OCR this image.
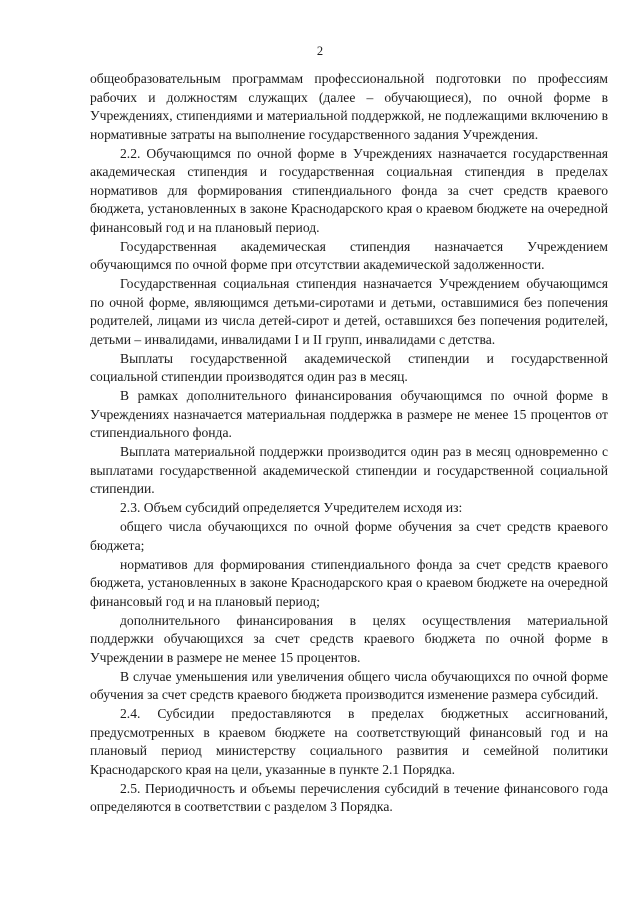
2

общеобразовательным программам профессиональной подготовки по профессиям рабочих и должностям служащих (далее – обучающиеся), по очной форме в Учреждениях, стипендиями и материальной поддержкой, не подлежащими включению в нормативные затраты на выполнение государственного задания Учреждения.

2.2. Обучающимся по очной форме в Учреждениях назначается государственная академическая стипендия и государственная социальная стипендия в пределах нормативов для формирования стипендиального фонда за счет средств краевого бюджета, установленных в законе Краснодарского края о краевом бюджете на очередной финансовый год и на плановый период.

Государственная академическая стипендия назначается Учреждением обучающимся по очной форме при отсутствии академической задолженности.

Государственная социальная стипендия назначается Учреждением обучающимся по очной форме, являющимся детьми-сиротами и детьми, оставшимися без попечения родителей, лицами из числа детей-сирот и детей, оставшихся без попечения родителей, детьми – инвалидами, инвалидами I и II групп, инвалидами с детства.

Выплаты государственной академической стипендии и государственной социальной стипендии производятся один раз в месяц.

В рамках дополнительного финансирования обучающимся по очной форме в Учреждениях назначается материальная поддержка в размере не менее 15 процентов от стипендиального фонда.

Выплата материальной поддержки производится один раз в месяц одновременно с выплатами государственной академической стипендии и государственной социальной стипендии.

2.3. Объем субсидий определяется Учредителем исходя из:

общего числа обучающихся по очной форме обучения за счет средств краевого бюджета;

нормативов для формирования стипендиального фонда за счет средств краевого бюджета, установленных в законе Краснодарского края о краевом бюджете на очередной финансовый год и на плановый период;

дополнительного финансирования в целях осуществления материальной поддержки обучающихся за счет средств краевого бюджета по очной форме в Учреждении в размере не менее 15 процентов.

В случае уменьшения или увеличения общего числа обучающихся по очной форме обучения за счет средств краевого бюджета производится изменение размера субсидий.

2.4. Субсидии предоставляются в пределах бюджетных ассигнований, предусмотренных в краевом бюджете на соответствующий финансовый год и на плановый период министерству социального развития и семейной политики Краснодарского края на цели, указанные в пункте 2.1 Порядка.

2.5. Периодичность и объемы перечисления субсидий в течение финансового года определяются в соответствии с разделом 3 Порядка.
